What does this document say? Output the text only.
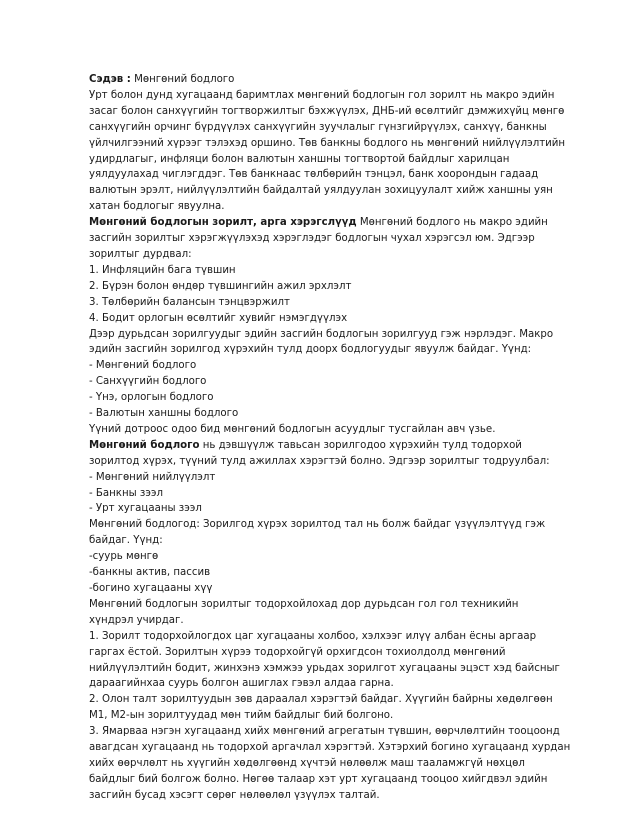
Сэдэв : Мөнгөний бодлого
Урт болон дунд хугацаанд баримтлах мөнгөний бодлогын гол зорилт нь макро эдийн
засаг болон санхүүгийн тогтворжилтыг бэхжүүлэх, ДНБ-ий өсөлтийг дэмжихүйц мөнгө
санхүүгийн орчинг бүрдүүлэх санхүүгийн зуучлалыг гүнзгийрүүлэх, санхүү, банкны
үйлчилгээний хүрээг тэлэхэд оршино. Төв банкны бодлого нь мөнгөний нийлүүлэлтийн
удирдлагыг, инфляци болон валютын ханшны тогтвортой байдлыг харилцан
уялдуулахад чиглэгддэг. Төв банкнаас төлбөрийн тэнцэл, банк хоорондын гадаад
валютын эрэлт, нийлүүлэлтийн байдалтай уялдуулан зохицуулалт хийж ханшны уян
хатан бодлогыг явуулна.
Мөнгөний бодлогын зорилт, арга хэрэгслүүд Мөнгөний бодлого нь макро эдийн
засгийн зорилтыг хэрэгжүүлэхэд хэрэглэдэг бодлогын чухал хэрэгсэл юм. Эдгээр
зорилтыг дурдвал:
1. Инфляцийн бага түвшин
2. Бүрэн болон өндөр түвшингийн ажил эрхлэлт
3. Төлбөрийн балансын тэнцвэржилт
4. Бодит орлогын өсөлтийг хувийг нэмэгдүүлэх
Дээр дурьдсан зорилгуудыг эдийн засгийн бодлогын зорилгууд гэж нэрлэдэг. Макро
эдийн засгийн зорилгод хүрэхийн тулд доорх бодлогуудыг явуулж байдаг. Үүнд:
- Мөнгөний бодлого
- Санхүүгийн бодлого
- Үнэ, орлогын бодлого
- Валютын ханшны бодлого
Үүний дотроос одоо бид мөнгөний бодлогын асуудлыг тусгайлан авч үзье.
Мөнгөний бодлого нь дэвшүүлж тавьсан зорилгодоо хүрэхийн тулд тодорхой
зорилтод хүрэх, түүний тулд ажиллах хэрэгтэй болно. Эдгээр зорилтыг тодруулбал:
- Мөнгөний нийлүүлэлт
- Банкны зээл
- Урт хугацааны зээл
Мөнгөний бодлогод: Зорилгод хүрэх зорилтод тал нь болж байдаг үзүүлэлтүүд гэж
байдаг. Үүнд:
-суурь мөнгө
-банкны актив, пассив
-богино хугацааны хүү
Мөнгөний бодлогын зорилтыг тодорхойлохад дор дурьдсан гол гол техникийн
хүндрэл учирдаг.
1. Зорилт тодорхойлогдох цаг хугацааны холбоо, хэлхээг илүү албан ёсны аргаар
гаргах ёстой. Зорилтын хүрээ тодорхойгүй орхигдсон тохиолдолд мөнгөний
нийлүүлэлтийн бодит, жинхэнэ хэмжээ урьдах зорилгот хугацааны эцэст хэд байсныг
дараагийнхаа суурь болгон ашиглах гэвэл алдаа гарна.
2. Олон талт зорилтуудын зөв дараалал хэрэгтэй байдаг. Хүүгийн байрны хөдөлгөөн
M1, M2-ын зорилтуудад мөн тийм байдлыг бий болгоно.
3. Ямарваа нэгэн хугацаанд хийх мөнгөний агрегатын түвшин, өөрчлөлтийн тооцоонд
авагдсан хугацаанд нь тодорхой аргачлал хэрэгтэй. Хэтэрхий богино хугацаанд хурдан
хийх өөрчлөлт нь хүүгийн хөдөлгөөнд хүчтэй нөлөөлж маш тааламжгүй нөхцөл
байдлыг бий болгож болно. Нөгөө талаар хэт урт хугацаанд тооцоо хийгдвэл эдийн
засгийн бусад хэсэгт сөрөг нөлөөлөл үзүүлэх талтай.
